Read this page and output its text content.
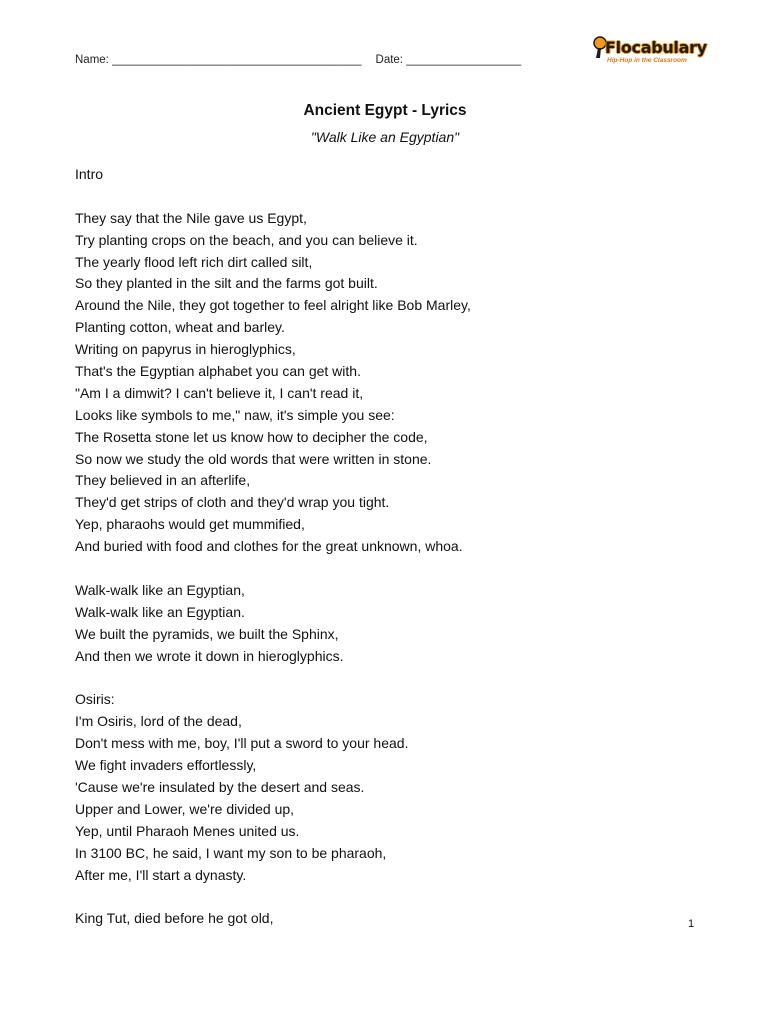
Name: _______________________________________ Date: __________________
Flocabulary
Hip-Hop in the Classroom
Ancient Egypt - Lyrics
"Walk Like an Egyptian"
Intro
They say that the Nile gave us Egypt,
Try planting crops on the beach, and you can believe it.
The yearly flood left rich dirt called silt,
So they planted in the silt and the farms got built.
Around the Nile, they got together to feel alright like Bob Marley,
Planting cotton, wheat and barley.
Writing on papyrus in hieroglyphics,
That's the Egyptian alphabet you can get with.
"Am I a dimwit? I can't believe it, I can't read it,
Looks like symbols to me," naw, it's simple you see:
The Rosetta stone let us know how to decipher the code,
So now we study the old words that were written in stone.
They believed in an afterlife,
They'd get strips of cloth and they'd wrap you tight.
Yep, pharaohs would get mummified,
And buried with food and clothes for the great unknown, whoa.
Walk-walk like an Egyptian,
Walk-walk like an Egyptian.
We built the pyramids, we built the Sphinx,
And then we wrote it down in hieroglyphics.
Osiris:
I'm Osiris, lord of the dead,
Don't mess with me, boy, I'll put a sword to your head.
We fight invaders effortlessly,
'Cause we're insulated by the desert and seas.
Upper and Lower, we're divided up,
Yep, until Pharaoh Menes united us.
In 3100 BC, he said, I want my son to be pharaoh,
After me, I'll start a dynasty.
King Tut, died before he got old,	1
